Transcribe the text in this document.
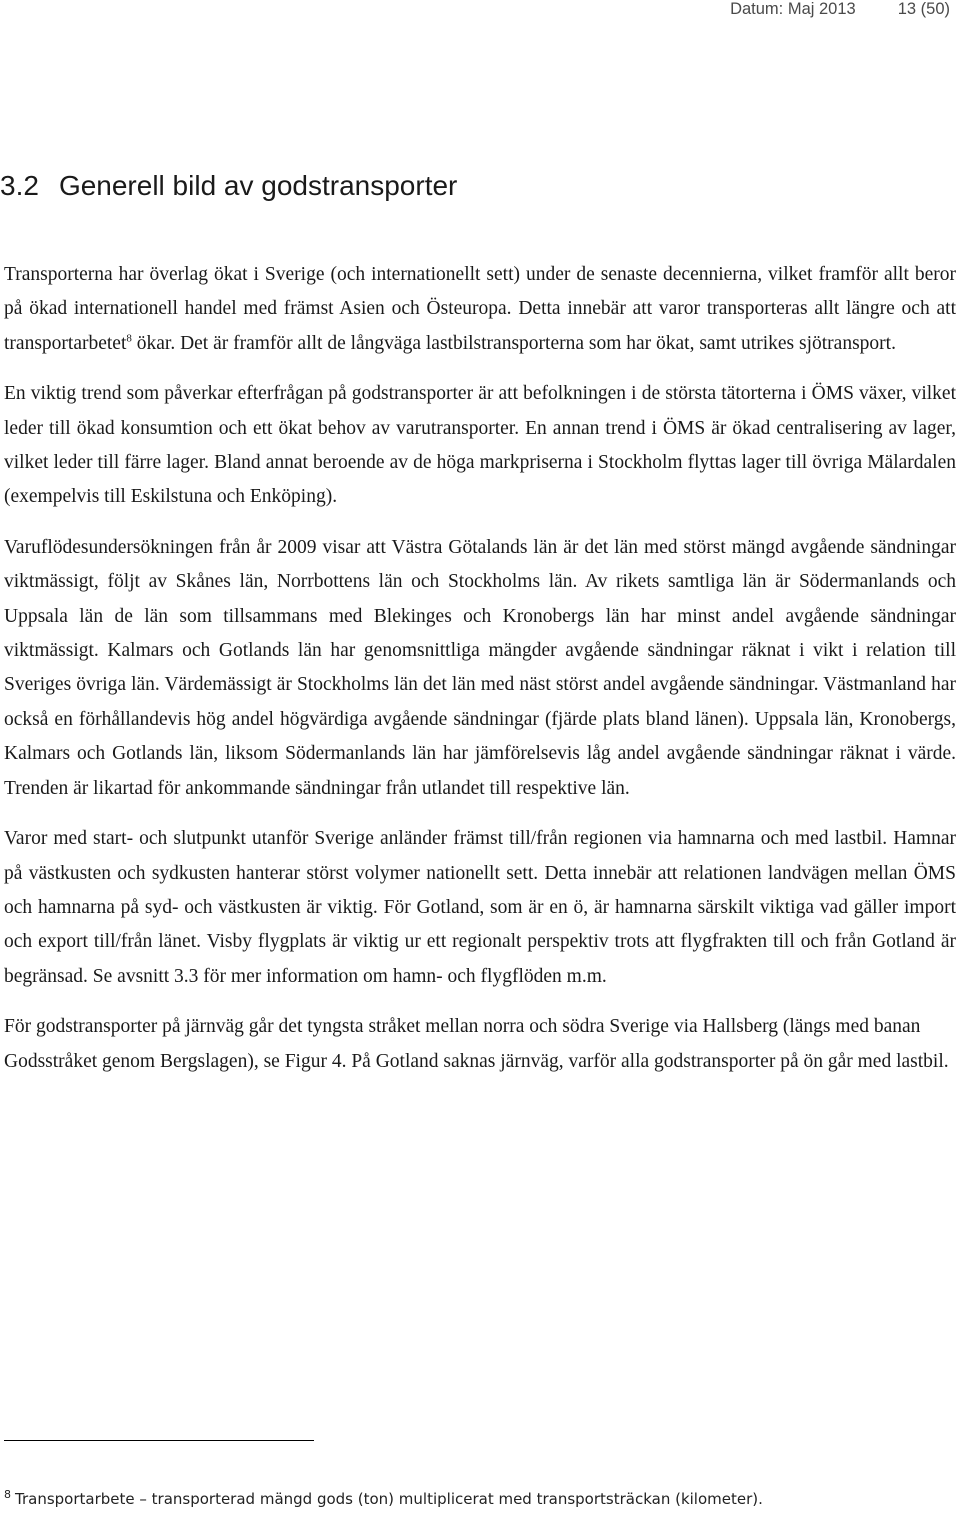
Datum: Maj 2013	13 (50)
3.2 Generell bild av godstransporter

Transporterna har överlag ökat i Sverige (och internationellt sett) under de senaste decennierna, vilket framför allt beror på ökad internationell handel med främst Asien och Östeuropa. Detta innebär att varor transporteras allt längre och att transportarbetet$^8$ ökar. Det är framför allt de långväga lastbilstransporterna som har ökat, samt utrikes sjötransport.

En viktig trend som påverkar efterfrågan på godstransporter är att befolkningen i de största tätorterna i ÖMS växer, vilket leder till ökad konsumtion och ett ökat behov av varutransporter. En annan trend i ÖMS är ökad centralisering av lager, vilket leder till färre lager. Bland annat beroende av de höga markpriserna i Stockholm flyttas lager till övriga Mälardalen (exempelvis till Eskilstuna och Enköping).

Varuflödesundersökningen från år 2009 visar att Västra Götalands län är det län med störst mängd avgående sändningar viktmässigt, följt av Skånes län, Norrbottens län och Stockholms län. Av rikets samtliga län är Södermanlands och Uppsala län de län som tillsammans med Blekinges och Kronobergs län har minst andel avgående sändningar viktmässigt. Kalmars och Gotlands län har genomsnittliga mängder avgående sändningar räknat i vikt i relation till Sveriges övriga län. Värdemässigt är Stockholms län det län med näst störst andel avgående sändningar. Västmanland har också en förhållandevis hög andel högvärdiga avgående sändningar (fjärde plats bland länen). Uppsala län, Kronobergs, Kalmars och Gotlands län, liksom Södermanlands län har jämförelsevis låg andel avgående sändningar räknat i värde. Trenden är likartad för ankommande sändningar från utlandet till respektive län.

Varor med start- och slutpunkt utanför Sverige anländer främst till/från regionen via hamnarna och med lastbil. Hamnar på västkusten och sydkusten hanterar störst volymer nationellt sett. Detta innebär att relationen landvägen mellan ÖMS och hamnarna på syd- och västkusten är viktig. För Gotland, som är en ö, är hamnarna särskilt viktiga vad gäller import och export till/från länet. Visby flygplats är viktig ur ett regionalt perspektiv trots att flygfrakten till och från Gotland är begränsad. Se avsnitt 3.3 för mer information om hamn- och flygflöden m.m.

För godstransporter på järnväg går det tyngsta stråket mellan norra och södra Sverige via Hallsberg (längs med banan Godsstråket genom Bergslagen), se Figur 4. På Gotland saknas järnväg, varför alla godstransporter på ön går med lastbil.

$^8$ Transportarbete – transporterad mängd gods (ton) multiplicerat med transportsträckan (kilometer).
